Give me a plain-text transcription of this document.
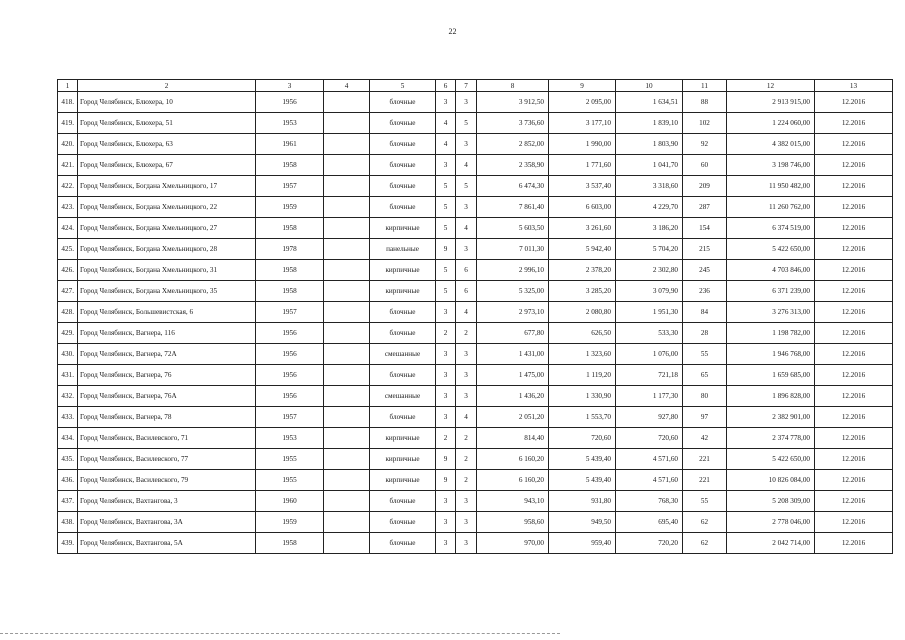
22
1	2	3	4	5	6	7	8	9	10	11	12	13
418.	Город Челябинск, Блюхера, 10	1956		блочные	3	3	3 912,50	2 095,00	1 634,51	88	2 913 915,00	12.2016
419.	Город Челябинск, Блюхера, 51	1953		блочные	4	5	3 736,60	3 177,10	1 839,10	102	1 224 060,00	12.2016
420.	Город Челябинск, Блюхера, 63	1961		блочные	4	3	2 852,00	1 990,00	1 803,90	92	4 382 015,00	12.2016
421.	Город Челябинск, Блюхера, 67	1958		блочные	3	4	2 358,90	1 771,60	1 041,70	60	3 198 746,00	12.2016
422.	Город Челябинск, Богдана Хмельницкого, 17	1957		блочные	5	5	6 474,30	3 537,40	3 318,60	209	11 950 482,00	12.2016
423.	Город Челябинск, Богдана Хмельницкого, 22	1959		блочные	5	3	7 861,40	6 603,00	4 229,70	287	11 260 762,00	12.2016
424.	Город Челябинск, Богдана Хмельницкого, 27	1958		кирпичные	5	4	5 603,50	3 261,60	3 186,20	154	6 374 519,00	12.2016
425.	Город Челябинск, Богдана Хмельницкого, 28	1978		панельные	9	3	7 011,30	5 942,40	5 704,20	215	5 422 650,00	12.2016
426.	Город Челябинск, Богдана Хмельницкого, 31	1958		кирпичные	5	6	2 996,10	2 378,20	2 302,80	245	4 703 846,00	12.2016
427.	Город Челябинск, Богдана Хмельницкого, 35	1958		кирпичные	5	6	5 325,00	3 285,20	3 079,90	236	6 371 239,00	12.2016
428.	Город Челябинск, Большевистская, 6	1957		блочные	3	4	2 973,10	2 080,80	1 951,30	84	3 276 313,00	12.2016
429.	Город Челябинск, Вагнера, 116	1956		блочные	2	2	677,80	626,50	533,30	28	1 198 782,00	12.2016
430.	Город Челябинск, Вагнера, 72А	1956		смешанные	3	3	1 431,00	1 323,60	1 076,00	55	1 946 768,00	12.2016
431.	Город Челябинск, Вагнера, 76	1956		блочные	3	3	1 475,00	1 119,20	721,18	65	1 659 685,00	12.2016
432.	Город Челябинск, Вагнера, 76А	1956		смешанные	3	3	1 436,20	1 330,90	1 177,30	80	1 896 828,00	12.2016
433.	Город Челябинск, Вагнера, 78	1957		блочные	3	4	2 051,20	1 553,70	927,80	97	2 382 901,00	12.2016
434.	Город Челябинск, Василевского, 71	1953		кирпичные	2	2	814,40	720,60	720,60	42	2 374 778,00	12.2016
435.	Город Челябинск, Василевского, 77	1955		кирпичные	9	2	6 160,20	5 439,40	4 571,60	221	5 422 650,00	12.2016
436.	Город Челябинск, Василевского, 79	1955		кирпичные	9	2	6 160,20	5 439,40	4 571,60	221	10 826 084,00	12.2016
437.	Город Челябинск, Вахтангова, 3	1960		блочные	3	3	943,10	931,80	768,30	55	5 208 309,00	12.2016
438.	Город Челябинск, Вахтангова, 3А	1959		блочные	3	3	958,60	949,50	695,40	62	2 778 046,00	12.2016
439.	Город Челябинск, Вахтангова, 5А	1958		блочные	3	3	970,00	959,40	720,20	62	2 042 714,00	12.2016
